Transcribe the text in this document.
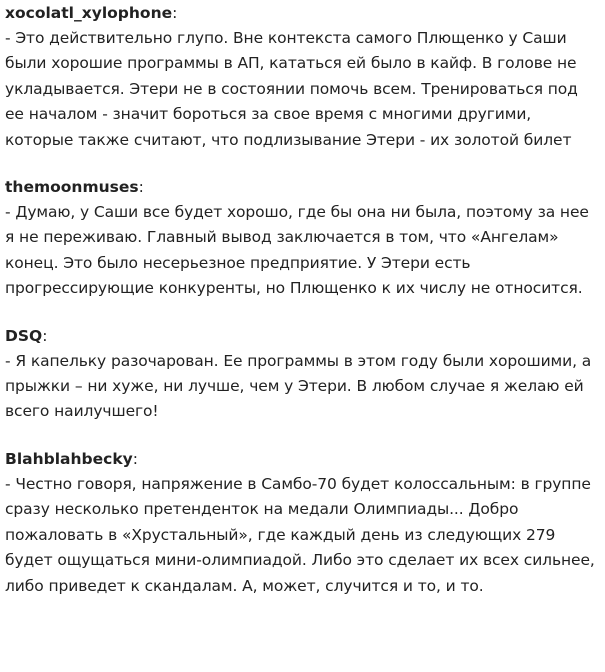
xocolatl_xylophone:
- Это действительно глупо. Вне контекста самого Плющенко у Саши были хорошие программы в АП, кататься ей было в кайф. В голове не укладывается. Этери не в состоянии помочь всем. Тренироваться под ее началом - значит бороться за свое время с многими другими, которые также считают, что подлизывание Этери - их золотой билет
themoonmuses:
- Думаю, у Саши все будет хорошо, где бы она ни была, поэтому за нее я не переживаю. Главный вывод заключается в том, что «Ангелам» конец. Это было несерьезное предприятие. У Этери есть прогрессирующие конкуренты, но Плющенко к их числу не относится.
DSQ:
- Я капельку разочарован. Ее программы в этом году были хорошими, а прыжки – ни хуже, ни лучше, чем у Этери. В любом случае я желаю ей всего наилучшего!
Blahblahbecky:
- Честно говоря, напряжение в Самбо-70 будет колоссальным: в группе сразу несколько претенденток на медали Олимпиады... Добро пожаловать в «Хрустальный», где каждый день из следующих 279 будет ощущаться мини-олимпиадой. Либо это сделает их всех сильнее, либо приведет к скандалам. А, может, случится и то, и то.
